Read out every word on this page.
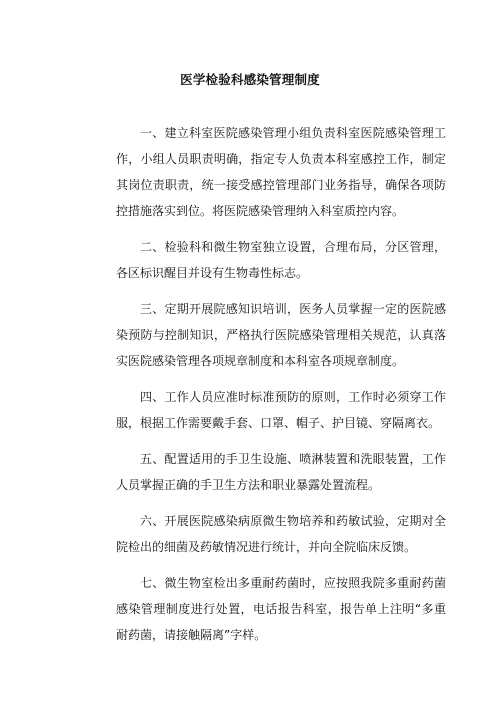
医学检验科感染管理制度

一、建立科室医院感染管理小组负责科室医院感染管理工作，小组人员职责明确，指定专人负责本科室感控工作，制定其岗位责职责，统一接受感控管理部门业务指导，确保各项防控措施落实到位。将医院感染管理纳入科室质控内容。

二、检验科和微生物室独立设置，合理布局，分区管理，各区标识醒目并设有生物毒性标志。

三、定期开展院感知识培训，医务人员掌握一定的医院感染预防与控制知识，严格执行医院感染管理相关规范，认真落实医院感染管理各项规章制度和本科室各项规章制度。

四、工作人员应准时标准预防的原则，工作时必须穿工作服，根据工作需要戴手套、口罩、帽子、护目镜、穿隔离衣。

五、配置适用的手卫生设施、喷淋装置和洗眼装置，工作人员掌握正确的手卫生方法和职业暴露处置流程。

六、开展医院感染病原微生物培养和药敏试验，定期对全院检出的细菌及药敏情况进行统计，并向全院临床反馈。

七、微生物室检出多重耐药菌时，应按照我院多重耐药菌感染管理制度进行处置，电话报告科室，报告单上注明“多重耐药菌，请接触隔离”字样。
